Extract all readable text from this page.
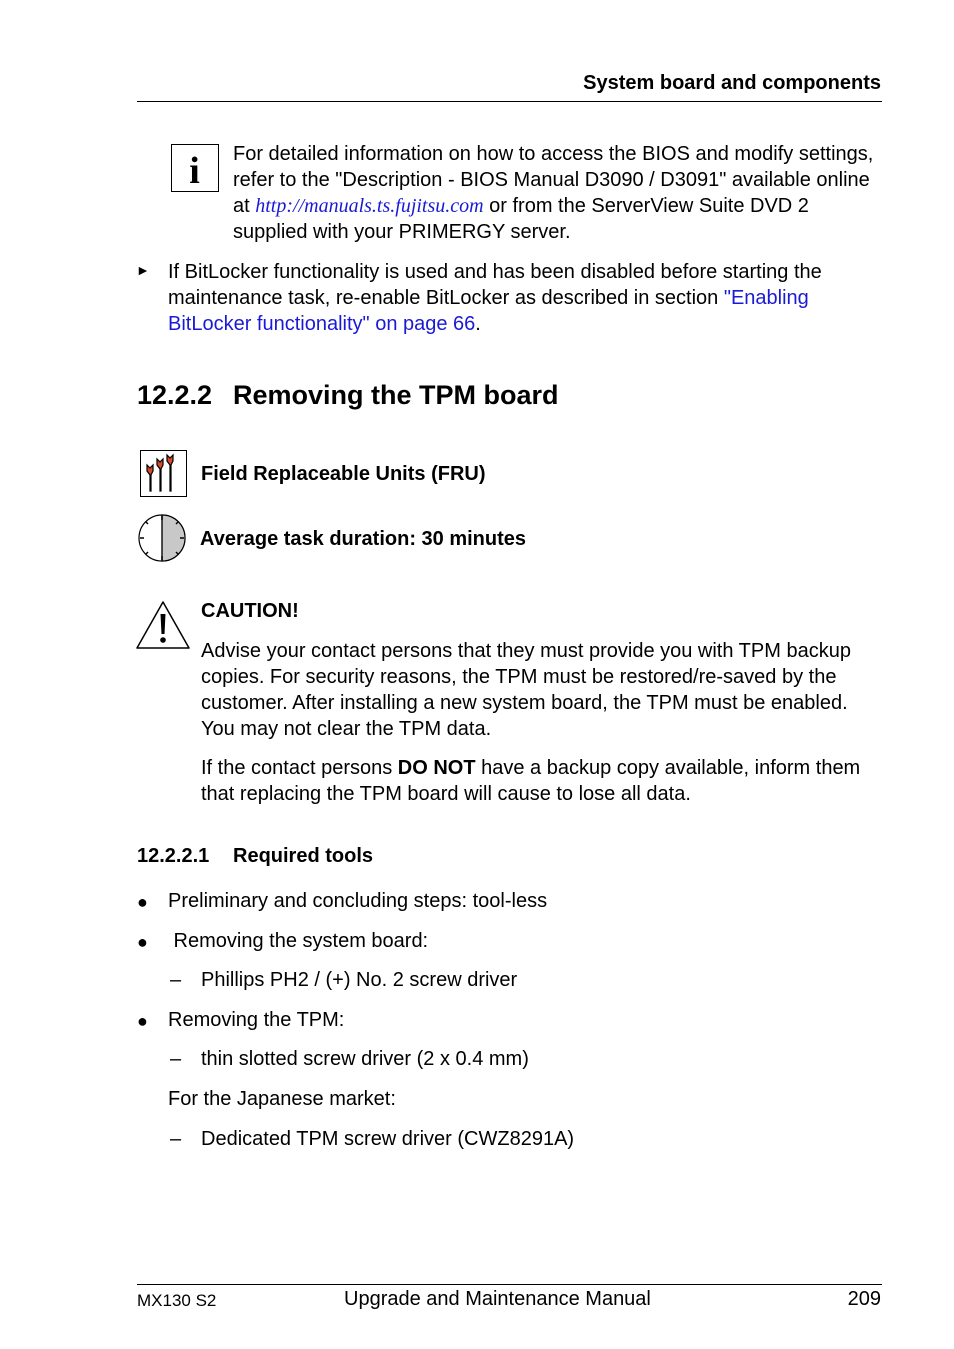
System board and components
i For detailed information on how to access the BIOS and modify settings, refer to the "Description - BIOS Manual D3090 / D3091" available online at http://manuals.ts.fujitsu.com or from the ServerView Suite DVD 2 supplied with your PRIMERGY server.
► If BitLocker functionality is used and has been disabled before starting the maintenance task, re-enable BitLocker as described in section "Enabling BitLocker functionality" on page 66.
12.2.2 Removing the TPM board
Field Replaceable Units (FRU)
Average task duration: 30 minutes
CAUTION!
Advise your contact persons that they must provide you with TPM backup copies. For security reasons, the TPM must be restored/re-saved by the customer. After installing a new system board, the TPM must be enabled. You may not clear the TPM data.
If the contact persons DO NOT have a backup copy available, inform them that replacing the TPM board will cause to lose all data.
12.2.2.1 Required tools
● Preliminary and concluding steps: tool-less
● Removing the system board:
– Phillips PH2 / (+) No. 2 screw driver
● Removing the TPM:
– thin slotted screw driver (2 x 0.4 mm)
For the Japanese market:
– Dedicated TPM screw driver (CWZ8291A)
MX130 S2	Upgrade and Maintenance Manual	209
